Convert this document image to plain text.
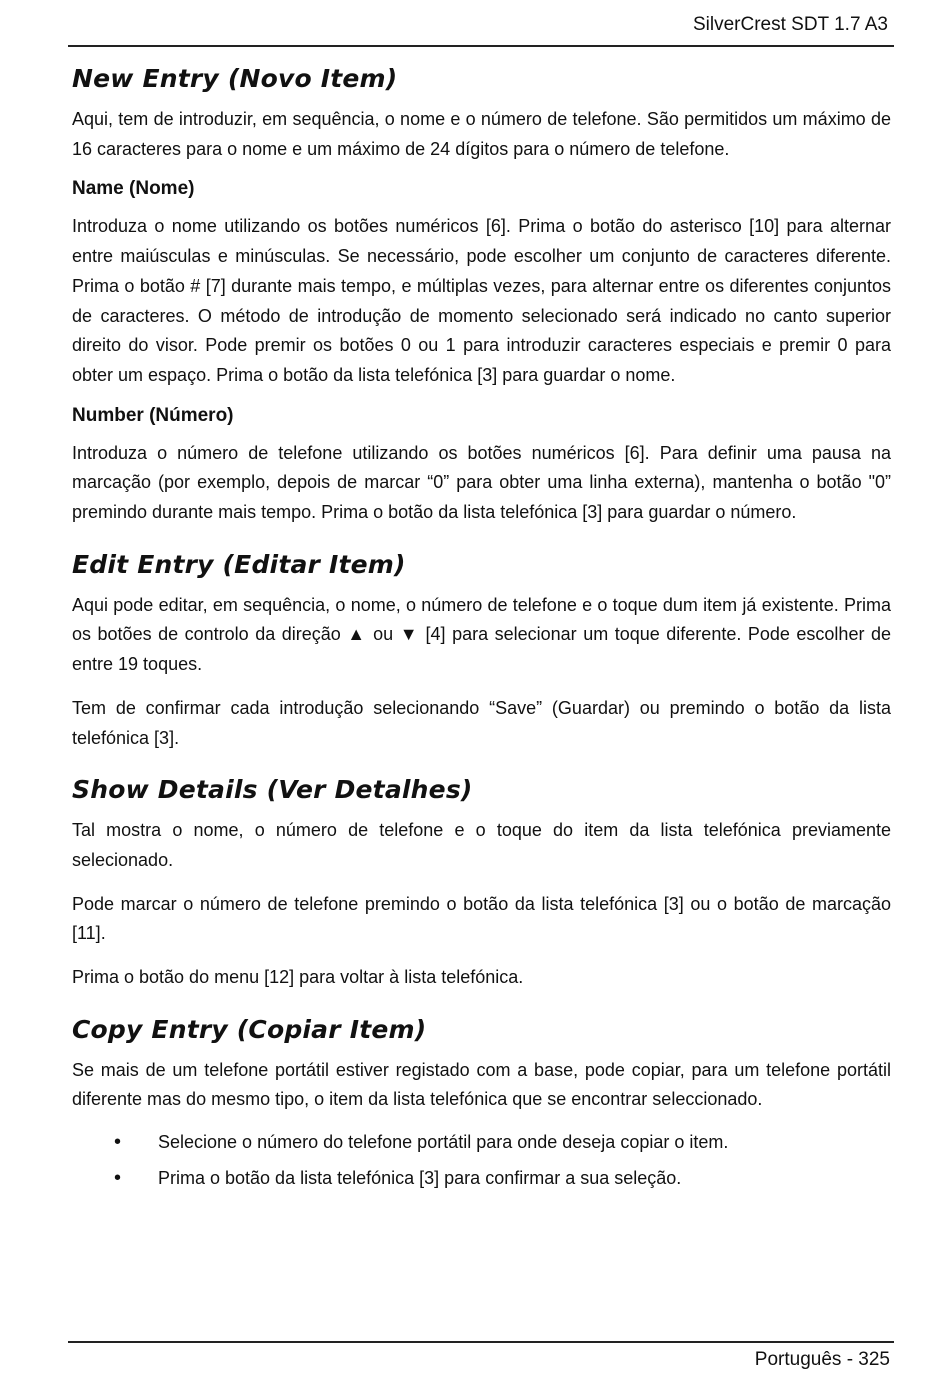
SilverCrest SDT 1.7 A3
New Entry (Novo Item)

Aqui, tem de introduzir, em sequência, o nome e o número de telefone. São permitidos um máximo de 16 caracteres para o nome e um máximo de 24 dígitos para o número de telefone.

Name (Nome)

Introduza o nome utilizando os botões numéricos [6]. Prima o botão do asterisco [10] para alternar entre maiúsculas e minúsculas. Se necessário, pode escolher um conjunto de caracteres diferente. Prima o botão # [7] durante mais tempo, e múltiplas vezes, para alternar entre os diferentes conjuntos de caracteres. O método de introdução de momento selecionado será indicado no canto superior direito do visor. Pode premir os botões 0 ou 1 para introduzir caracteres especiais e premir 0 para obter um espaço. Prima o botão da lista telefónica [3] para guardar o nome.

Number (Número)

Introduza o número de telefone utilizando os botões numéricos [6]. Para definir uma pausa na marcação (por exemplo, depois de marcar “0” para obter uma linha externa), mantenha o botão "0” premindo durante mais tempo. Prima o botão da lista telefónica [3] para guardar o número.

Edit Entry (Editar Item)

Aqui pode editar, em sequência, o nome, o número de telefone e o toque dum item já existente. Prima os botões de controlo da direção ▲ ou ▼ [4] para selecionar um toque diferente. Pode escolher de entre 19 toques.

Tem de confirmar cada introdução selecionando “Save” (Guardar) ou premindo o botão da lista telefónica [3].

Show Details (Ver Detalhes)

Tal mostra o nome, o número de telefone e o toque do item da lista telefónica previamente selecionado.

Pode marcar o número de telefone premindo o botão da lista telefónica [3] ou o botão de marcação [11].

Prima o botão do menu [12] para voltar à lista telefónica.

Copy Entry (Copiar Item)

Se mais de um telefone portátil estiver registado com a base, pode copiar, para um telefone portátil diferente mas do mesmo tipo, o item da lista telefónica que se encontrar seleccionado.

• Selecione o número do telefone portátil para onde deseja copiar o item.
• Prima o botão da lista telefónica [3] para confirmar a sua seleção.
Português - 325
